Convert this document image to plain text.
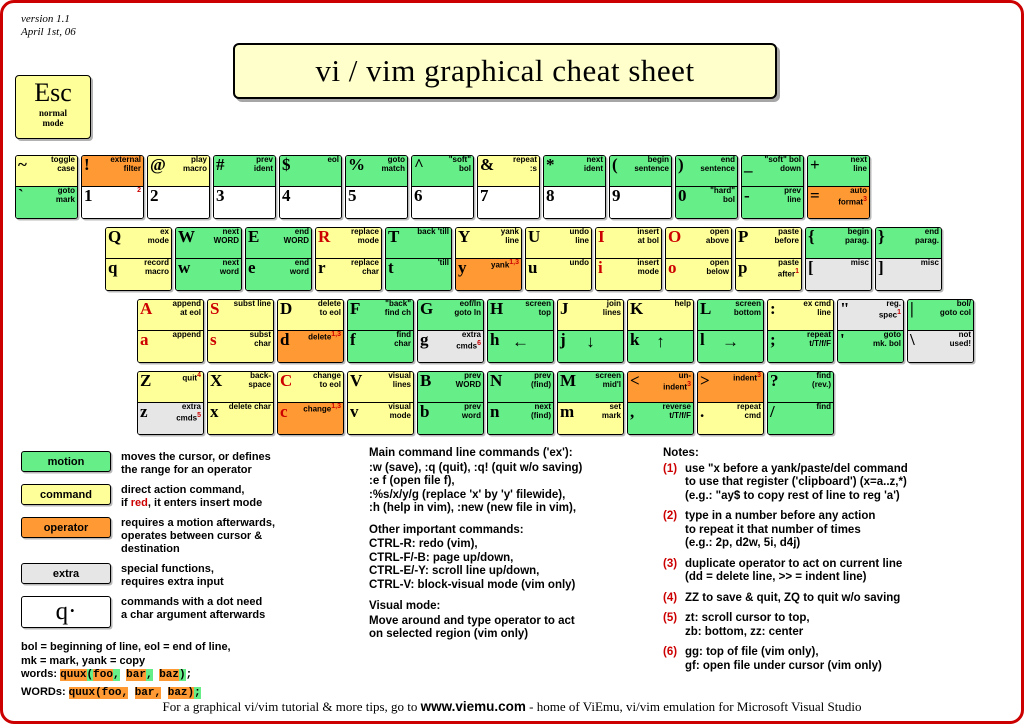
version 1.1
April 1st, 06
vi / vim graphical cheat sheet
Esc
normal
mode
~	toggle
case
`	goto
mark
!	external
filter
1	2
@	play
macro
2
#	prev
ident
3
$	eol
4
%	goto
match
5
^	"soft"
bol
6
&	repeat
:s
7
*	next
ident
8
(	begin
sentence
9
)	end
sentence
0	"hard"
bol
_	"soft" bol
down
-	prev
line
+	next
line
=	auto
format3
Q	ex
mode
q	record
macro
W	next
WORD
w	next
word
E	end
WORD
e	end
word
R	replace
mode
r	replace
char
T	back 'till
t	'till
Y	yank
line
y	yank1,3
U	undo
line
u	undo
I	insert
at bol
i	insert
mode
O	open
above
o	open
below
P	paste
before
p	paste
after1
{	begin
parag.
[	misc
}	end
parag.
]	misc
A	append
at eol
a	append
S	subst line
s	subst
char
D	delete
to eol
d	delete1,3
F	"back"
find ch
f	find
char
G	eof/ln
goto ln
g	extra
cmds6
H	screen
top
h ←
J	join
lines
j	↓
K	help
k ↑
L	screen
bottom
l	→
:	ex cmd
line
;	repeat
t/T/f/F
"	reg.
spec1
'	goto
mk. bol
|	bol/
goto col
\	not
used!
Z	quit4
z	extra
cmds5
X	back-
space
x	delete char
C	change
to eol
c	change1,3
V	visual
lines
v	visual
mode
B	prev
WORD
b	prev
word
N	prev
(find)
n	next
(find)
M	screen
mid'l
m	set
mark
<	un-
indent3
,	reverse
t/T/f/F
>	indent3
.	repeat
cmd
?	find
(rev.)
/	find
motion	moves the cursor, or defines
the range for an operator
command	direct action command,
if red, it enters insert mode
operator	requires a motion afterwards,
operates between cursor &
destination
extra	special functions,
requires extra input
q·	commands with a dot need
a char argument afterwards
bol = beginning of line, eol = end of line,
mk = mark, yank = copy
words: quux(foo, bar, baz);
WORDs: quux(foo, bar, baz);
Main command line commands ('ex'):

:w (save), :q (quit), :q! (quit w/o saving)
:e f (open file f),
:%s/x/y/g (replace 'x' by 'y' filewide),
:h (help in vim), :new (new file in vim),

Other important commands:

CTRL-R: redo (vim),
CTRL-F/-B: page up/down,
CTRL-E/-Y: scroll line up/down,
CTRL-V: block-visual mode (vim only)

Visual mode:

Move around and type operator to act
on selected region (vim only)

Notes:
(1) use "x before a yank/paste/del command
to use that register ('clipboard') (x=a..z,*)
(e.g.: "ay$ to copy rest of line to reg 'a')
(2) type in a number before any action
to repeat it that number of times
(e.g.: 2p, d2w, 5i, d4j)
(3) duplicate operator to act on current line
(dd = delete line, >> = indent line)
(4) ZZ to save & quit, ZQ to quit w/o saving
(5) zt: scroll cursor to top,
zb: bottom, zz: center
(6) gg: top of file (vim only),
gf: open file under cursor (vim only)
For a graphical vi/vim tutorial & more tips, go to www.viemu.com - home of ViEmu, vi/vim emulation for Microsoft Visual Studio
